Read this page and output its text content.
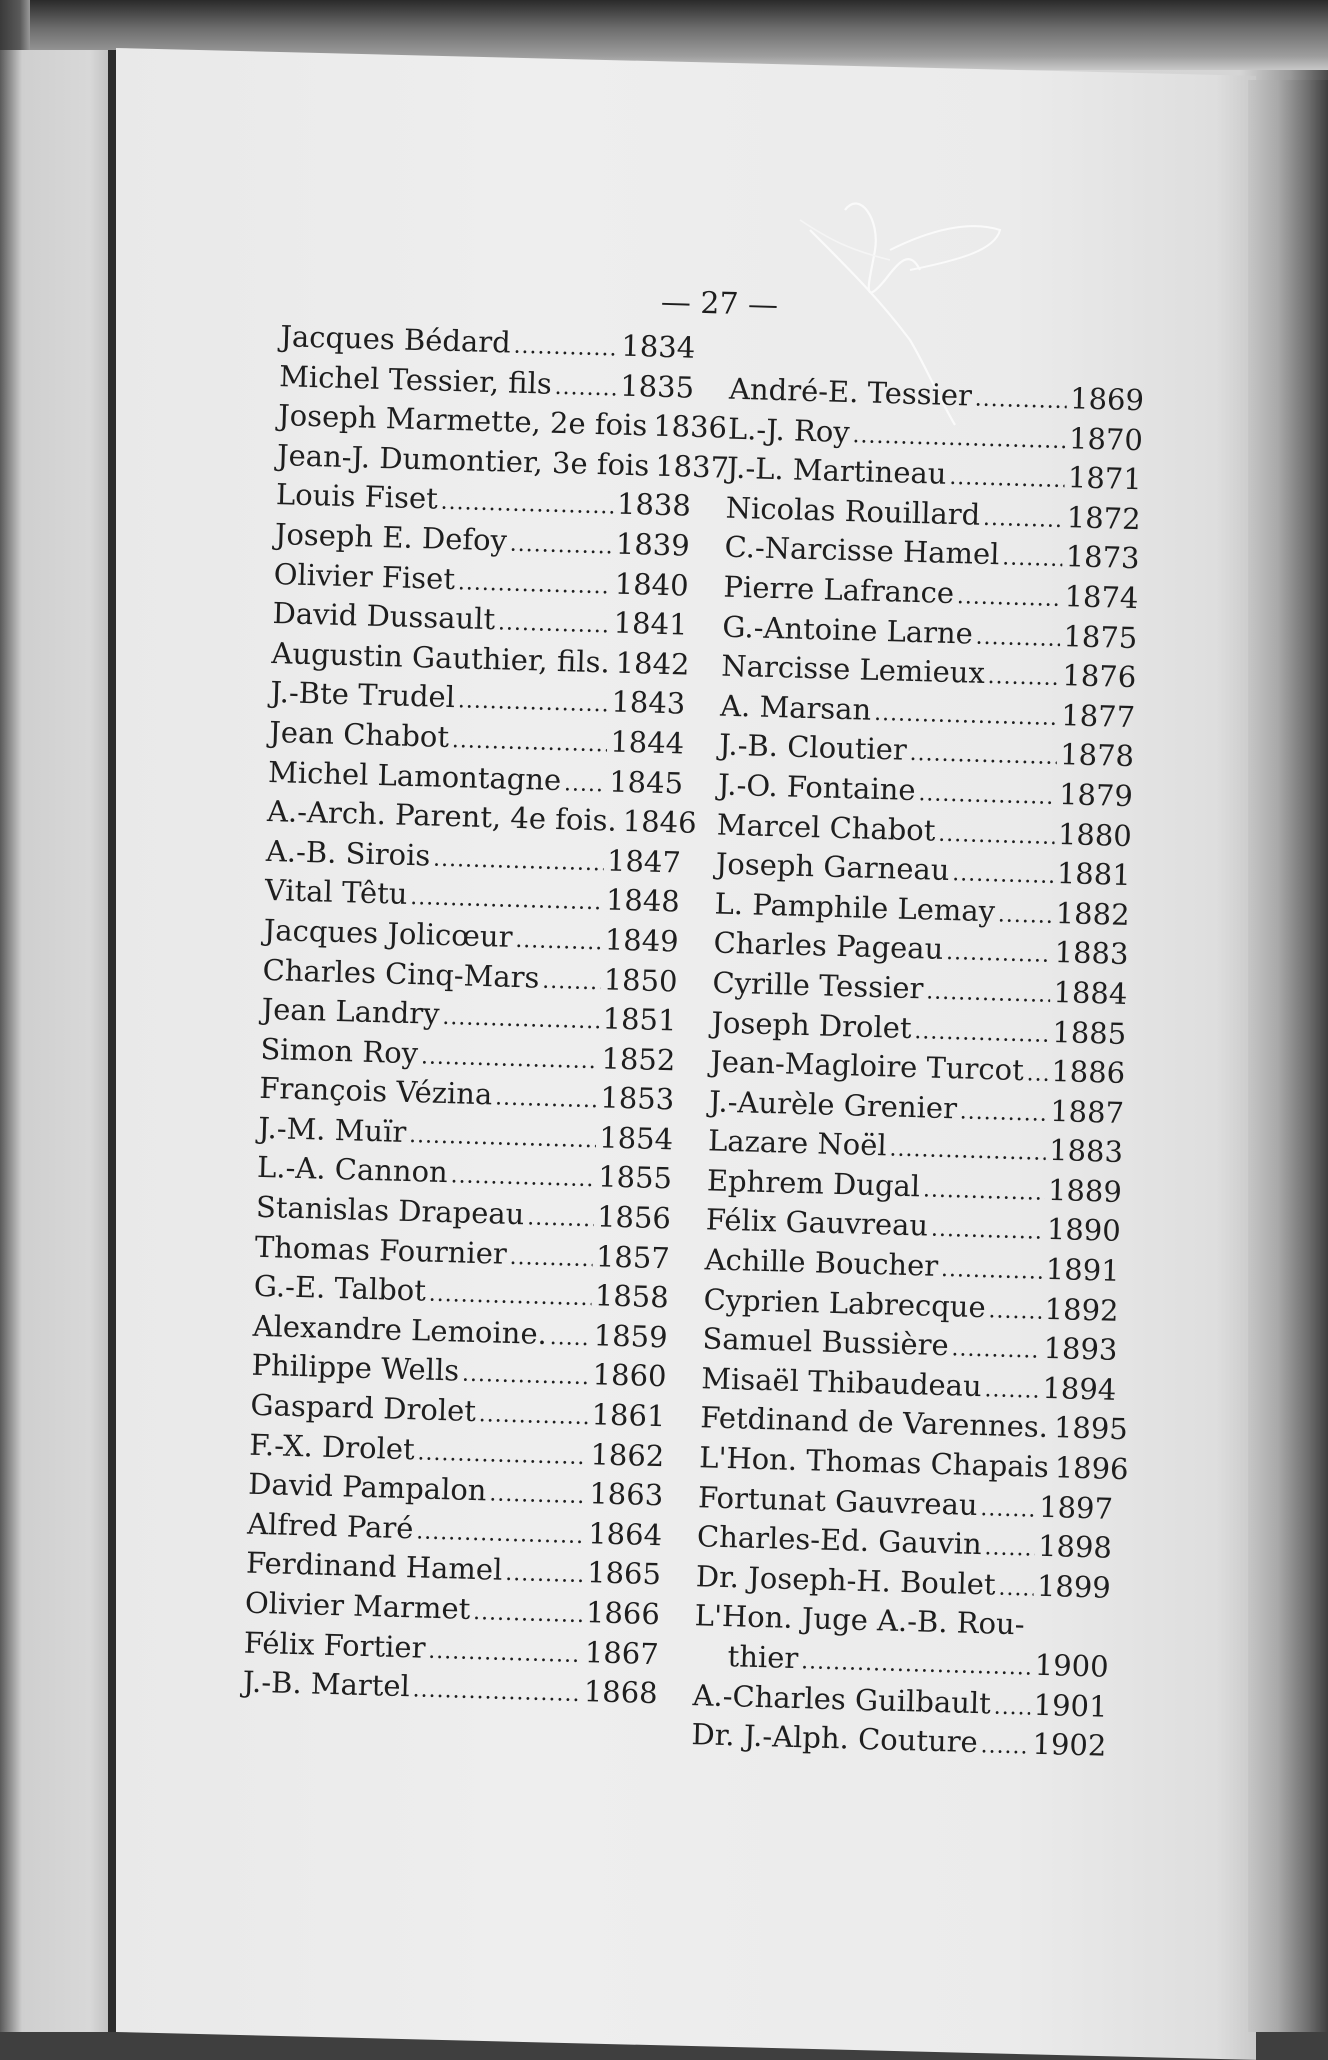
— 27 —
Jacques Bédard .....	1834
Michel Tessier, fils ..... 1835
Joseph Marmette, 2e fois ..... 1836
Jean-J. Dumontier, 3e fois ..... 1837
Louis Fiset .....	1838
Joseph E. Defoy .....	1839
Olivier Fiset .....	1840
David Dussault .....	1841
Augustin Gauthier, fils. ..... 1842
J.-Bte Trudel .....	1843
Jean Chabot .....	1844
Michel Lamontagne ..... 1845
A.-Arch. Parent, 4e fois. ..... 1846
A.-B. Sirois .....	1847
Vital Têtu .....	1848
Jacques Jolicœur .....	1849
Charles Cinq-Mars ..... 1850
Jean Landry .....	1851
Simon Roy .....	1852
François Vézina .....	1853
J.-M. Muïr .....	1854
L.-A. Cannon .....	1855
Stanislas Drapeau ..... 1856
Thomas Fournier .....	1857
G.-E. Talbot .....	1858
Alexandre Lemoine. ..... 1859
Philippe Wells .....	1860
Gaspard Drolet .....	1861
F.-X. Drolet .....	1862
David Pampalon .....	1863
Alfred Paré .....	1864
Ferdinand Hamel .....	1865
Olivier Marmet .....	1866
Félix Fortier .....	1867
J.-B. Martel .....	1868
André-E. Tessier .....	1869
L.-J. Roy .....	1870
J.-L. Martineau .....	1871
Nicolas Rouillard .....	1872
C.-Narcisse Hamel ..... 1873
Pierre Lafrance .....	1874
G.-Antoine Larne .....	1875
Narcisse Lemieux .....	1876
A. Marsan .....	1877
J.-B. Cloutier .....	1878
J.-O. Fontaine .....	1879
Marcel Chabot .....	1880
Joseph Garneau .....	1881
L. Pamphile Lemay ..... 1882
Charles Pageau .....	1883
Cyrille Tessier .....	1884
Joseph Drolet .....	1885
Jean-Magloire Turcot ..... 1886
J.-Aurèle Grenier .....	1887
Lazare Noël .....	1883
Ephrem Dugal .....	1889
Félix Gauvreau .....	1890
Achille Boucher .....	1891
Cyprien Labrecque ..... 1892
Samuel Bussière .....	1893
Misaël Thibaudeau ..... 1894
Fetdinand de Varennes. ..... 1895
L'Hon. Thomas Chapais ..... 1896
Fortunat Gauvreau ..... 1897
Charles-Ed. Gauvin ..... 1898
Dr. Joseph-H. Boulet ..... 1899
L'Hon. Juge A.-B. Rou-
thier .....	1900
A.-Charles Guilbault ..... 1901
Dr. J.-Alph. Couture ..... 1902
